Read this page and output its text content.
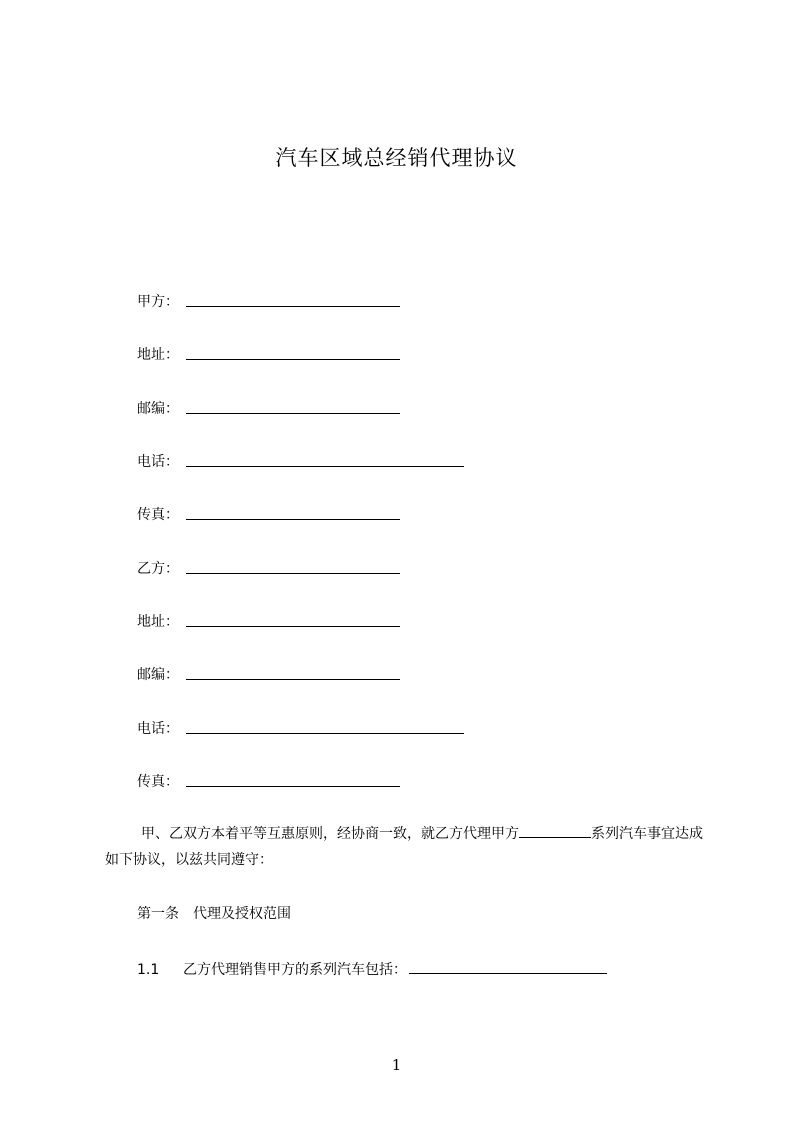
汽车区域总经销代理协议
甲方：
地址：
邮编：
电话：
传真：
乙方：
地址：
邮编：
电话：
传真：
甲、乙双方本着平等互惠原则，经协商一致，就乙方代理甲方	系列汽车事宜达成如下协议，以兹共同遵守：
第一条 代理及授权范围
1.1 乙方代理销售甲方的系列汽车包括：
1
